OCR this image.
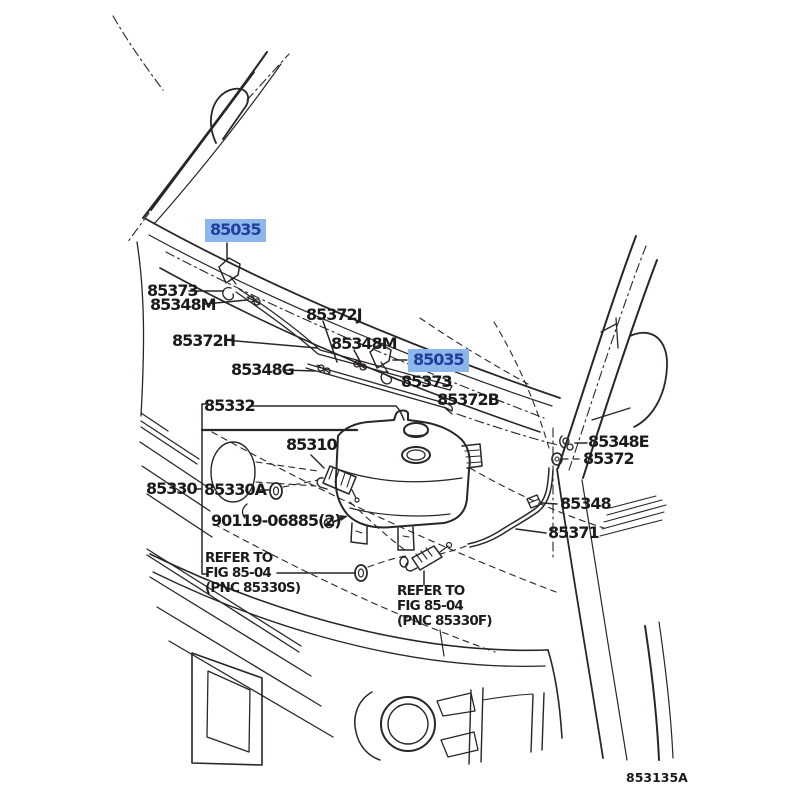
85035
85373
85348M
85372H
85372J
85348M
85035
85373
85348G
85372B
85332
85310
85330 85330A
90119-06885(2)
85348E
85372
85348
85371
REFER TO
FIG 85-04
(PNC 85330S)	REFER TO
FIG 85-04
(PNC 85330F)
853135A
